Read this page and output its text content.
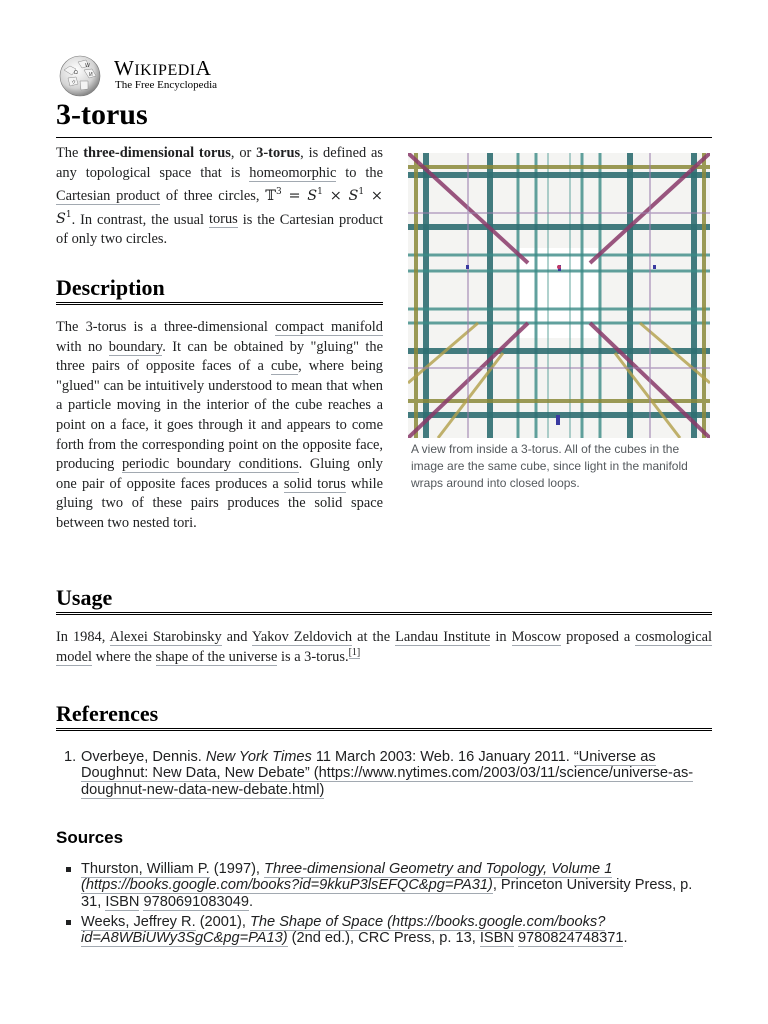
Ω
W
И
ウ
WIKIPEDIA
The Free Encyclopedia
3-torus
The three-dimensional torus, or 3-torus, is defined as any topological space that is homeomorphic to the Cartesian product of three circles, 𝕋$^3$ = $S^1 \times S^1 \times S^1$. In contrast, the usual torus is the Cartesian product of only two circles.
A view from inside a 3-torus. All of the cubes in the image are the same cube, since light in the manifold wraps around into closed loops.
Description
The 3-torus is a three-dimensional compact manifold with no boundary. It can be obtained by "gluing" the three pairs of opposite faces of a cube, where being "glued" can be intuitively understood to mean that when a particle moving in the interior of the cube reaches a point on a face, it goes through it and appears to come forth from the corresponding point on the opposite face, producing periodic boundary conditions. Gluing only one pair of opposite faces produces a solid torus while gluing two of these pairs produces the solid space between two nested tori.
Usage
In 1984, Alexei Starobinsky and Yakov Zeldovich at the Landau Institute in Moscow proposed a cosmological model where the shape of the universe is a 3-torus.[1]
References
1. Overbeye, Dennis. New York Times 11 March 2003: Web. 16 January 2011. “Universe as Doughnut: New Data, New Debate” (https://www.nytimes.com/2003/03/11/science/universe-as-doughnut-new-data-new-debate.html)
Sources
Thurston, William P. (1997), Three-dimensional Geometry and Topology, Volume 1 (https://books.google.com/books?id=9kkuP3lsEFQC&pg=PA31), Princeton University Press, p. 31, ISBN 9780691083049.
Weeks, Jeffrey R. (2001), The Shape of Space (https://books.google.com/books?id=A8WBiUWy3SgC&pg=PA13) (2nd ed.), CRC Press, p. 13, ISBN 9780824748371.
